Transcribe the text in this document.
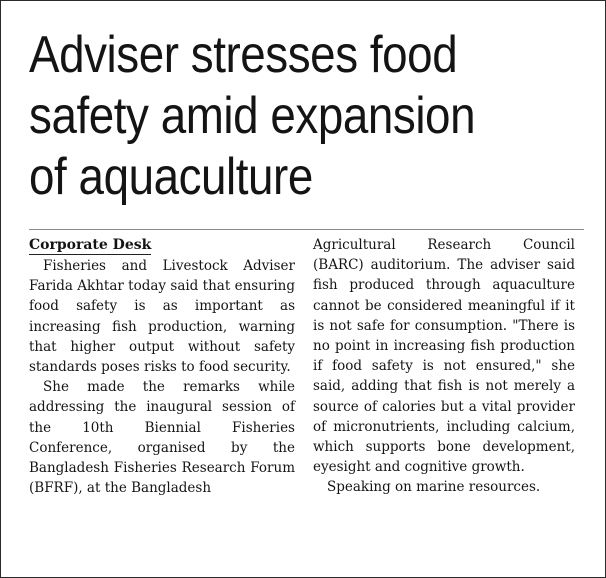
Adviser stresses food safety amid expansion of aquaculture
Corporate Desk

Fisheries and Livestock Adviser Farida Akhtar today said that ensuring food safety is as important as increasing fish production, warning that higher output without safety standards poses risks to food security.

She made the remarks while addressing the inaugural session of the 10th Biennial Fisheries Conference, organised by the Bangladesh Fisheries Research Forum (BFRF), at the Bangladesh

Agricultural Research Council (BARC) auditorium. The adviser said fish produced through aquaculture cannot be considered meaningful if it is not safe for consumption. "There is no point in increasing fish production if food safety is not ensured," she said, adding that fish is not merely a source of calories but a vital provider of micronutrients, including calcium, which supports bone development, eyesight and cognitive growth.

Speaking on marine resources.
